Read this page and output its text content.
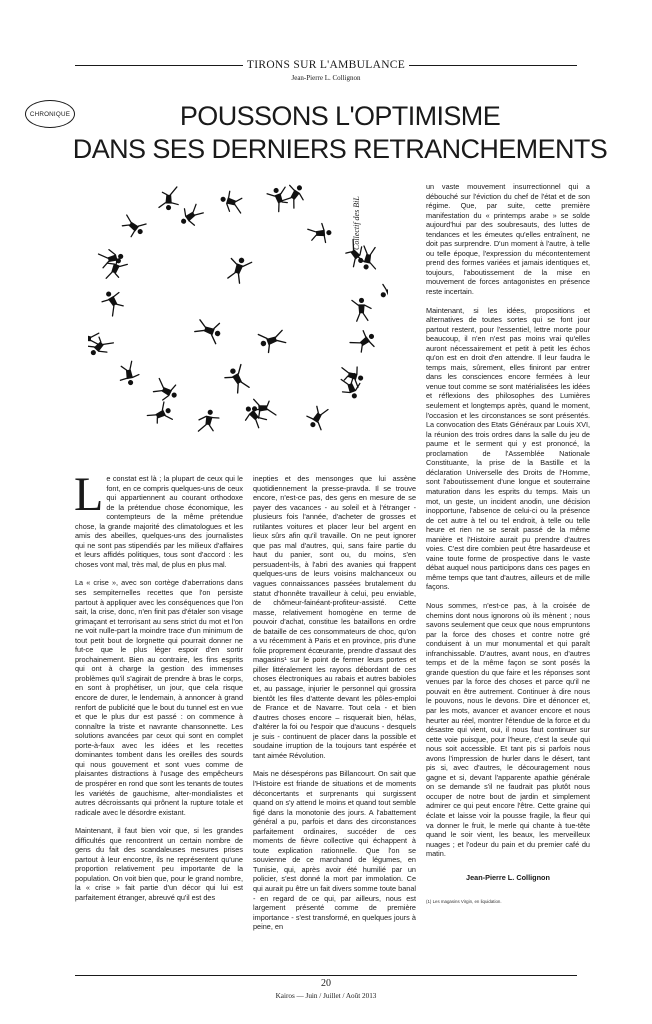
TIRONS SUR L'AMBULANCE
Jean-Pierre L. Collignon
CHRONIQUE	POUSSONS L'OPTIMISME
DANS SES DERNIERS RETRANCHEMENTS
Collectif des BiL

Le constat est là ; la plupart de ceux qui le font, en ce compris quelques-uns de ceux qui appartiennent au courant orthodoxe de la prétendue chose économique, les contempteurs de la même prétendue chose, la grande majorité des climatologues et les amis des abeilles, quelques-uns des journalistes qui ne sont pas stipendiés par les milieux d'affaires et leurs affidés politiques, tous sont d'accord : les choses vont mal, très mal, de plus en plus mal.

La « crise », avec son cortège d'aberrations dans ses sempiternelles recettes que l'on persiste partout à appliquer avec les conséquences que l'on sait, la crise, donc, n'en finit pas d'étaler son visage grimaçant et terrorisant au sens strict du mot et l'on ne voit nulle-part la moindre trace d'un minimum de tout petit bout de lorgnette qui pourrait donner ne fut-ce que le plus léger espoir d'en sortir prochainement. Bien au contraire, les fins esprits qui ont à charge la gestion des immenses problèmes qu'il s'agirait de prendre à bras le corps, en sont à prophétiser, un jour, que cela risque encore de durer, le lendemain, à annoncer à grand renfort de publicité que le bout du tunnel est en vue et que le plus dur est passé : on commence à connaître la triste et navrante chansonnette. Les solutions avancées par ceux qui sont en complet porte-à-faux avec les idées et les recettes dominantes tombent dans les oreilles des sourds qui nous gouvernent et sont vues comme de plaisantes distractions à l'usage des empêcheurs de prospérer en rond que sont les tenants de toutes les variétés de gauchisme, alter-mondialistes et autres décroissants qui prônent la rupture totale et radicale avec le désordre existant.

Maintenant, il faut bien voir que, si les grandes difficultés que rencontrent un certain nombre de gens du fait des scandaleuses mesures prises partout à leur encontre, ils ne représentent qu'une proportion relativement peu importante de la population. On voit bien que, pour le grand nombre, la « crise » fait partie d'un décor qui lui est parfaitement étranger, abreuvé qu'il est des

inepties et des mensonges que lui assène quotidiennement la presse-pravda. Il se trouve encore, n'est-ce pas, des gens en mesure de se payer des vacances - au soleil et à l'étranger - plusieurs fois l'année, d'acheter de grosses et rutilantes voitures et placer leur bel argent en lieux sûrs afin qu'il travaille. On ne peut ignorer que pas mal d'autres, qui, sans faire partie du haut du panier, sont ou, du moins, s'en persuadent-ils, à l'abri des avanies qui frappent quelques-uns de leurs voisins malchanceux ou vagues connaissances passées brutalement du statut d'honnête travailleur à celui, peu enviable, de chômeur-fainéant-profiteur-assisté. Cette masse, relativement homogène en terme de pouvoir d'achat, constitue les bataillons en ordre de bataille de ces consommateurs de choc, qu'on a vu récemment à Paris et en province, pris d'une folie proprement écœurante, prendre d'assaut des magasins¹ sur le point de fermer leurs portes et piller littéralement les rayons débordant de ces choses électroniques au rabais et autres babioles et, au passage, injurier le personnel qui grossira bientôt les files d'attente devant les pôles-emploi de France et de Navarre. Tout cela - et bien d'autres choses encore – risquerait bien, hélas, d'altérer la foi ou l'espoir que d'aucuns - desquels je suis - continuent de placer dans la possible et soudaine irruption de la toujours tant espérée et tant aimée Révolution.

Mais ne désespérons pas Billancourt. On sait que l'Histoire est friande de situations et de moments déconcertants et surprenants qui surgissent quand on s'y attend le moins et quand tout semble figé dans la monotonie des jours. A l'abattement général a pu, parfois et dans des circonstances parfaitement ordinaires, succéder de ces moments de fièvre collective qui échappent à toute explication rationnelle. Que l'on se souvienne de ce marchand de légumes, en Tunisie, qui, après avoir été humilié par un policier, s'est donné la mort par immolation. Ce qui aurait pu être un fait divers somme toute banal - en regard de ce qui, par ailleurs, nous est largement présenté comme de première importance - s'est transformé, en quelques jours à peine, en

un vaste mouvement insurrectionnel qui a débouché sur l'éviction du chef de l'état et de son régime. Que, par suite, cette première manifestation du « printemps arabe » se solde aujourd'hui par des soubresauts, des luttes de tendances et les émeutes qu'elles entraînent, ne doit pas surprendre. D'un moment à l'autre, à telle ou telle époque, l'expression du mécontentement prend des formes variées et jamais identiques et, toujours, l'aboutissement de la mise en mouvement de forces antagonistes en présence reste incertain.

Maintenant, si les idées, propositions et alternatives de toutes sortes qui se font jour partout restent, pour l'essentiel, lettre morte pour beaucoup, il n'en n'est pas moins vrai qu'elles auront nécessairement et petit à petit les échos qu'on est en droit d'en attendre. Il leur faudra le temps mais, sûrement, elles finiront par entrer dans les consciences encore fermées à leur venue tout comme se sont matérialisées les idées et réflexions des philosophes des Lumières seulement et longtemps après, quand le moment, l'occasion et les circonstances se sont présentés. La convocation des Etats Généraux par Louis XVI, la réunion des trois ordres dans la salle du jeu de paume et le serment qui y est prononcé, la proclamation de l'Assemblée Nationale Constituante, la prise de la Bastille et la déclaration Universelle des Droits de l'Homme, sont l'aboutissement d'une longue et souterraine maturation dans les esprits du temps. Mais un mot, un geste, un incident anodin, une décision inopportune, l'absence de celui-ci ou la présence de cet autre à tel ou tel endroit, à telle ou telle heure et rien ne se serait passé de la même manière et l'Histoire aurait pu prendre d'autres voies. C'est dire combien peut être hasardeuse et vaine toute forme de prospective dans le vaste débat auquel nous participons dans ces pages en même temps que tant d'autres, ailleurs et de mille façons.

Nous sommes, n'est-ce pas, à la croisée de chemins dont nous ignorons où ils mènent ; nous savons seulement que ceux que nous empruntons par la force des choses et contre notre gré conduisent à un mur monumental et qui paraît infranchissable. D'autres, avant nous, en d'autres temps et de la même façon se sont posés la grande question du que faire et les réponses sont venues par la force des choses et parce qu'il ne pouvait en être autrement. Continuer à dire nous le pouvons, nous le devons. Dire et dénoncer et, par les mots, avancer et avancer encore et nous heurter au réel, montrer l'étendue de la force et du désastre qui vient, oui, il nous faut continuer sur cette voie puisque, pour l'heure, c'est la seule qui nous soit accessible. Et tant pis si parfois nous avons l'impression de hurler dans le désert, tant pis si, avec d'autres, le découragement nous gagne et si, devant l'apparente apathie générale on se demande s'il ne faudrait pas plutôt nous occuper de notre bout de jardin et simplement admirer ce qui peut encore l'être. Cette graine qui éclate et laisse voir la pousse fragile, la fleur qui va donner le fruit, le merle qui chante à tue-tête quand le soir vient, les beaux, les merveilleux nuages ; et l'odeur du pain et du premier café du matin.

Jean-Pierre L. Collignon
(1) Les magasins Virgin, en liquidation.
20
Kairos — Juin / Juillet / Août 2013
